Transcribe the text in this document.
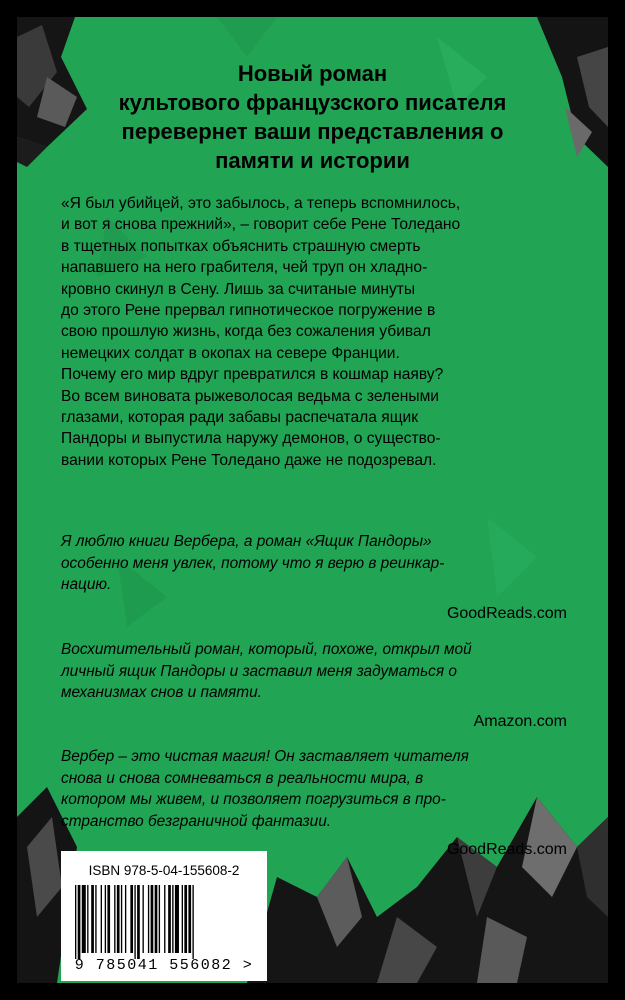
Новый роман
культового французского писателя
перевернет ваши представления о
памяти и истории
«Я был убийцей, это забылось, а теперь вспомнилось,
и вот я снова прежний», – говорит себе Рене Толедано
в тщетных попытках объяснить страшную смерть
напавшего на него грабителя, чей труп он хладно-
кровно скинул в Сену. Лишь за считаные минуты
до этого Рене прервал гипнотическое погружение в
свою прошлую жизнь, когда без сожаления убивал
немецких солдат в окопах на севере Франции.
Почему его мир вдруг превратился в кошмар наяву?
Во всем виновата рыжеволосая ведьма с зелеными
глазами, которая ради забавы распечатала ящик
Пандоры и выпустила наружу демонов, о существо-
вании которых Рене Толедано даже не подозревал.
Я люблю книги Вербера, а роман «Ящик Пандоры»
особенно меня увлек, потому что я верю в реинкар-
нацию.
GoodReads.com
Восхитительный роман, который, похоже, открыл мой
личный ящик Пандоры и заставил меня задуматься о
механизмах снов и памяти.
Amazon.com
Вербер – это чистая магия! Он заставляет читателя
снова и снова сомневаться в реальности мира, в
котором мы живем, и позволяет погрузиться в про-
странство безграничной фантазии.
GoodReads.com
ISBN 978-5-04-155608-2
9 785041 556082 >
